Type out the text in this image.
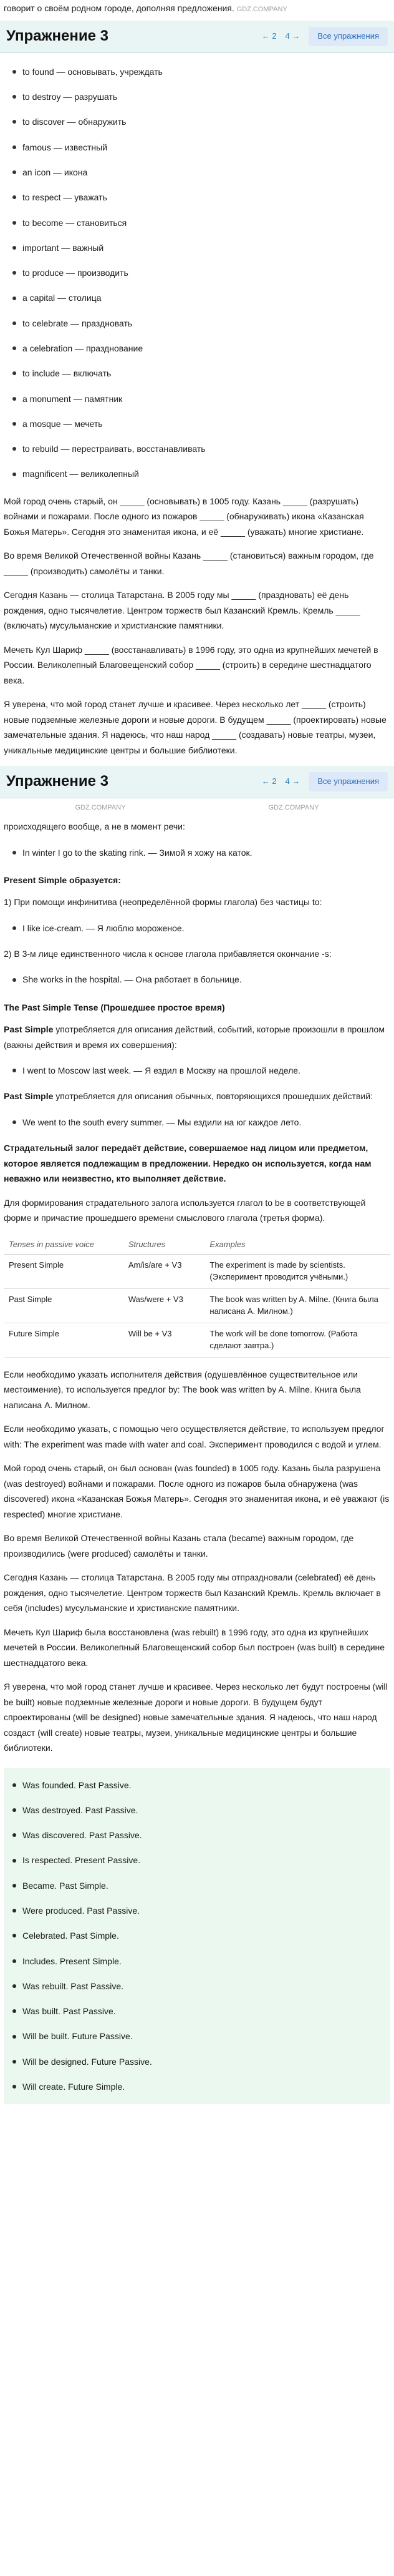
говорит о своём родном городе, дополняя предложения. GDZ.COMPANY
Упражнение 3	← 2 4 →	Все упражнения
to found — основывать, учреждать
to destroy — разрушать
to discover — обнаружить
famous — известный
an icon — икона
to respect — уважать
to become — становиться
important — важный
to produce — производить
a capital — столица
to celebrate — праздновать
a celebration — празднование
to include — включать
a monument — памятник
a mosque — мечеть
to rebuild — перестраивать, восстанавливать
magnificent — великолепный

Мой город очень старый, он _____ (основывать) в 1005 году. Казань _____ (разрушать) войнами и пожарами. После одного из пожаров _____ (обнаруживать) икона «Казанская Божья Матерь». Сегодня это знаменитая икона, и её _____ (уважать) многие христиане.

Во время Великой Отечественной войны Казань _____ (становиться) важным городом, где _____ (производить) самолёты и танки.

Сегодня Казань — столица Татарстана. В 2005 году мы _____ (праздновать) её день рождения, одно тысячелетие. Центром торжеств был Казанский Кремль. Кремль _____ (включать) мусульманские и христианские памятники.

Мечеть Кул Шариф _____ (восстанавливать) в 1996 году, это одна из крупнейших мечетей в России. Великолепный Благовещенский собор _____ (строить) в середине шестнадцатого века.

Я уверена, что мой город станет лучше и красивее. Через несколько лет _____ (строить) новые подземные железные дороги и новые дороги. В будущем _____ (проектировать) новые замечательные здания. Я надеюсь, что наш народ _____ (создавать) новые театры, музеи, уникальные медицинские центры и большие библиотеки.

Упражнение 3	← 2 4 →	Все упражнения
GDZ.COMPANY	GDZ.COMPANY

происходящего вообще, а не в момент речи:

In winter I go to the skating rink. — Зимой я хожу на каток.
Present Simple образуется:

1) При помощи инфинитива (неопределённой формы глагола) без частицы to:

I like ice-cream. — Я люблю мороженое.

2) В 3-м лице единственного числа к основе глагола прибавляется окончание -s:

She works in the hospital. — Она работает в больнице.
The Past Simple Tense (Прошедшее простое время)

Past Simple употребляется для описания действий, событий, которые произошли в прошлом (важны действия и время их совершения):

I went to Moscow last week. — Я ездил в Москву на прошлой неделе.

Past Simple употребляется для описания обычных, повторяющихся прошедших действий:

We went to the south every summer. — Мы ездили на юг каждое лето.

Страдательный залог передаёт действие, совершаемое над лицом или предметом, которое является подлежащим в предложении. Нередко он используется, когда нам неважно или неизвестно, кто выполняет действие.

Для формирования страдательного залога используется глагол to be в соответствующей форме и причастие прошедшего времени смыслового глагола (третья форма).

Tenses in passive voice	Structures	Examples
Present Simple	Am/is/are + V3	The experiment is made by scientists. (Эксперимент проводится учёными.)
Past Simple	Was/were + V3	The book was written by A. Milne. (Книга была написана А. Милном.)
Future Simple	Will be + V3	The work will be done tomorrow. (Работа сделают завтра.)

Если необходимо указать исполнителя действия (одушевлённое существительное или местоимение), то используется предлог by: The book was written by A. Milne. Книга была написана А. Милном.

Если необходимо указать, с помощью чего осуществляется действие, то используем предлог with: The experiment was made with water and coal. Эксперимент проводился с водой и углем.

Мой город очень старый, он был основан (was founded) в 1005 году. Казань была разрушена (was destroyed) войнами и пожарами. После одного из пожаров была обнаружена (was discovered) икона «Казанская Божья Матерь». Сегодня это знаменитая икона, и её уважают (is respected) многие христиане.

Во время Великой Отечественной войны Казань стала (became) важным городом, где производились (were produced) самолёты и танки.

Сегодня Казань — столица Татарстана. В 2005 году мы отпраздновали (celebrated) её день рождения, одно тысячелетие. Центром торжеств был Казанский Кремль. Кремль включает в себя (includes) мусульманские и христианские памятники.

Мечеть Кул Шариф была восстановлена (was rebuilt) в 1996 году, это одна из крупнейших мечетей в России. Великолепный Благовещенский собор был построен (was built) в середине шестнадцатого века.

Я уверена, что мой город станет лучше и красивее. Через несколько лет будут построены (will be built) новые подземные железные дороги и новые дороги. В будущем будут спроектированы (will be designed) новые замечательные здания. Я надеюсь, что наш народ создаст (will create) новые театры, музеи, уникальные медицинские центры и большие библиотеки.

Was founded. Past Passive.
Was destroyed. Past Passive.
Was discovered. Past Passive.
Is respected. Present Passive.
Became. Past Simple.
Were produced. Past Passive.
Celebrated. Past Simple.
Includes. Present Simple.
Was rebuilt. Past Passive.
Was built. Past Passive.
Will be built. Future Passive.
Will be designed. Future Passive.
Will create. Future Simple.
